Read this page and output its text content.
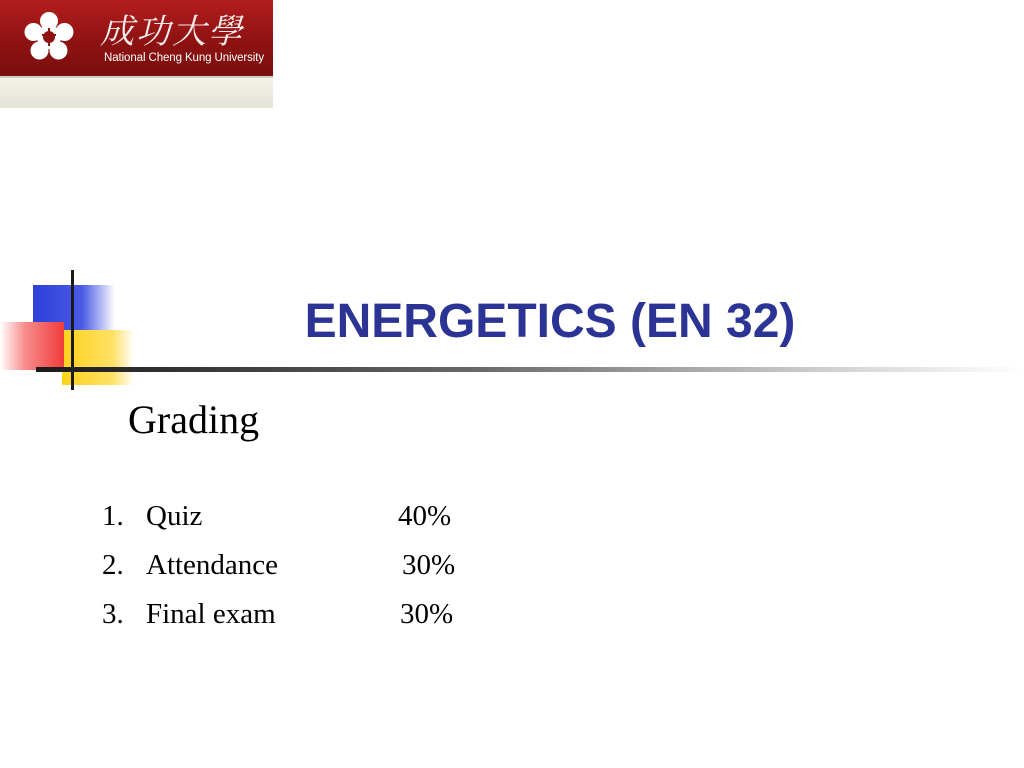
成功大學
National Cheng Kung University
ENERGETICS (EN 32)
Grading
1. Quiz	40%
2. Attendance	30%
3. Final exam	30%
